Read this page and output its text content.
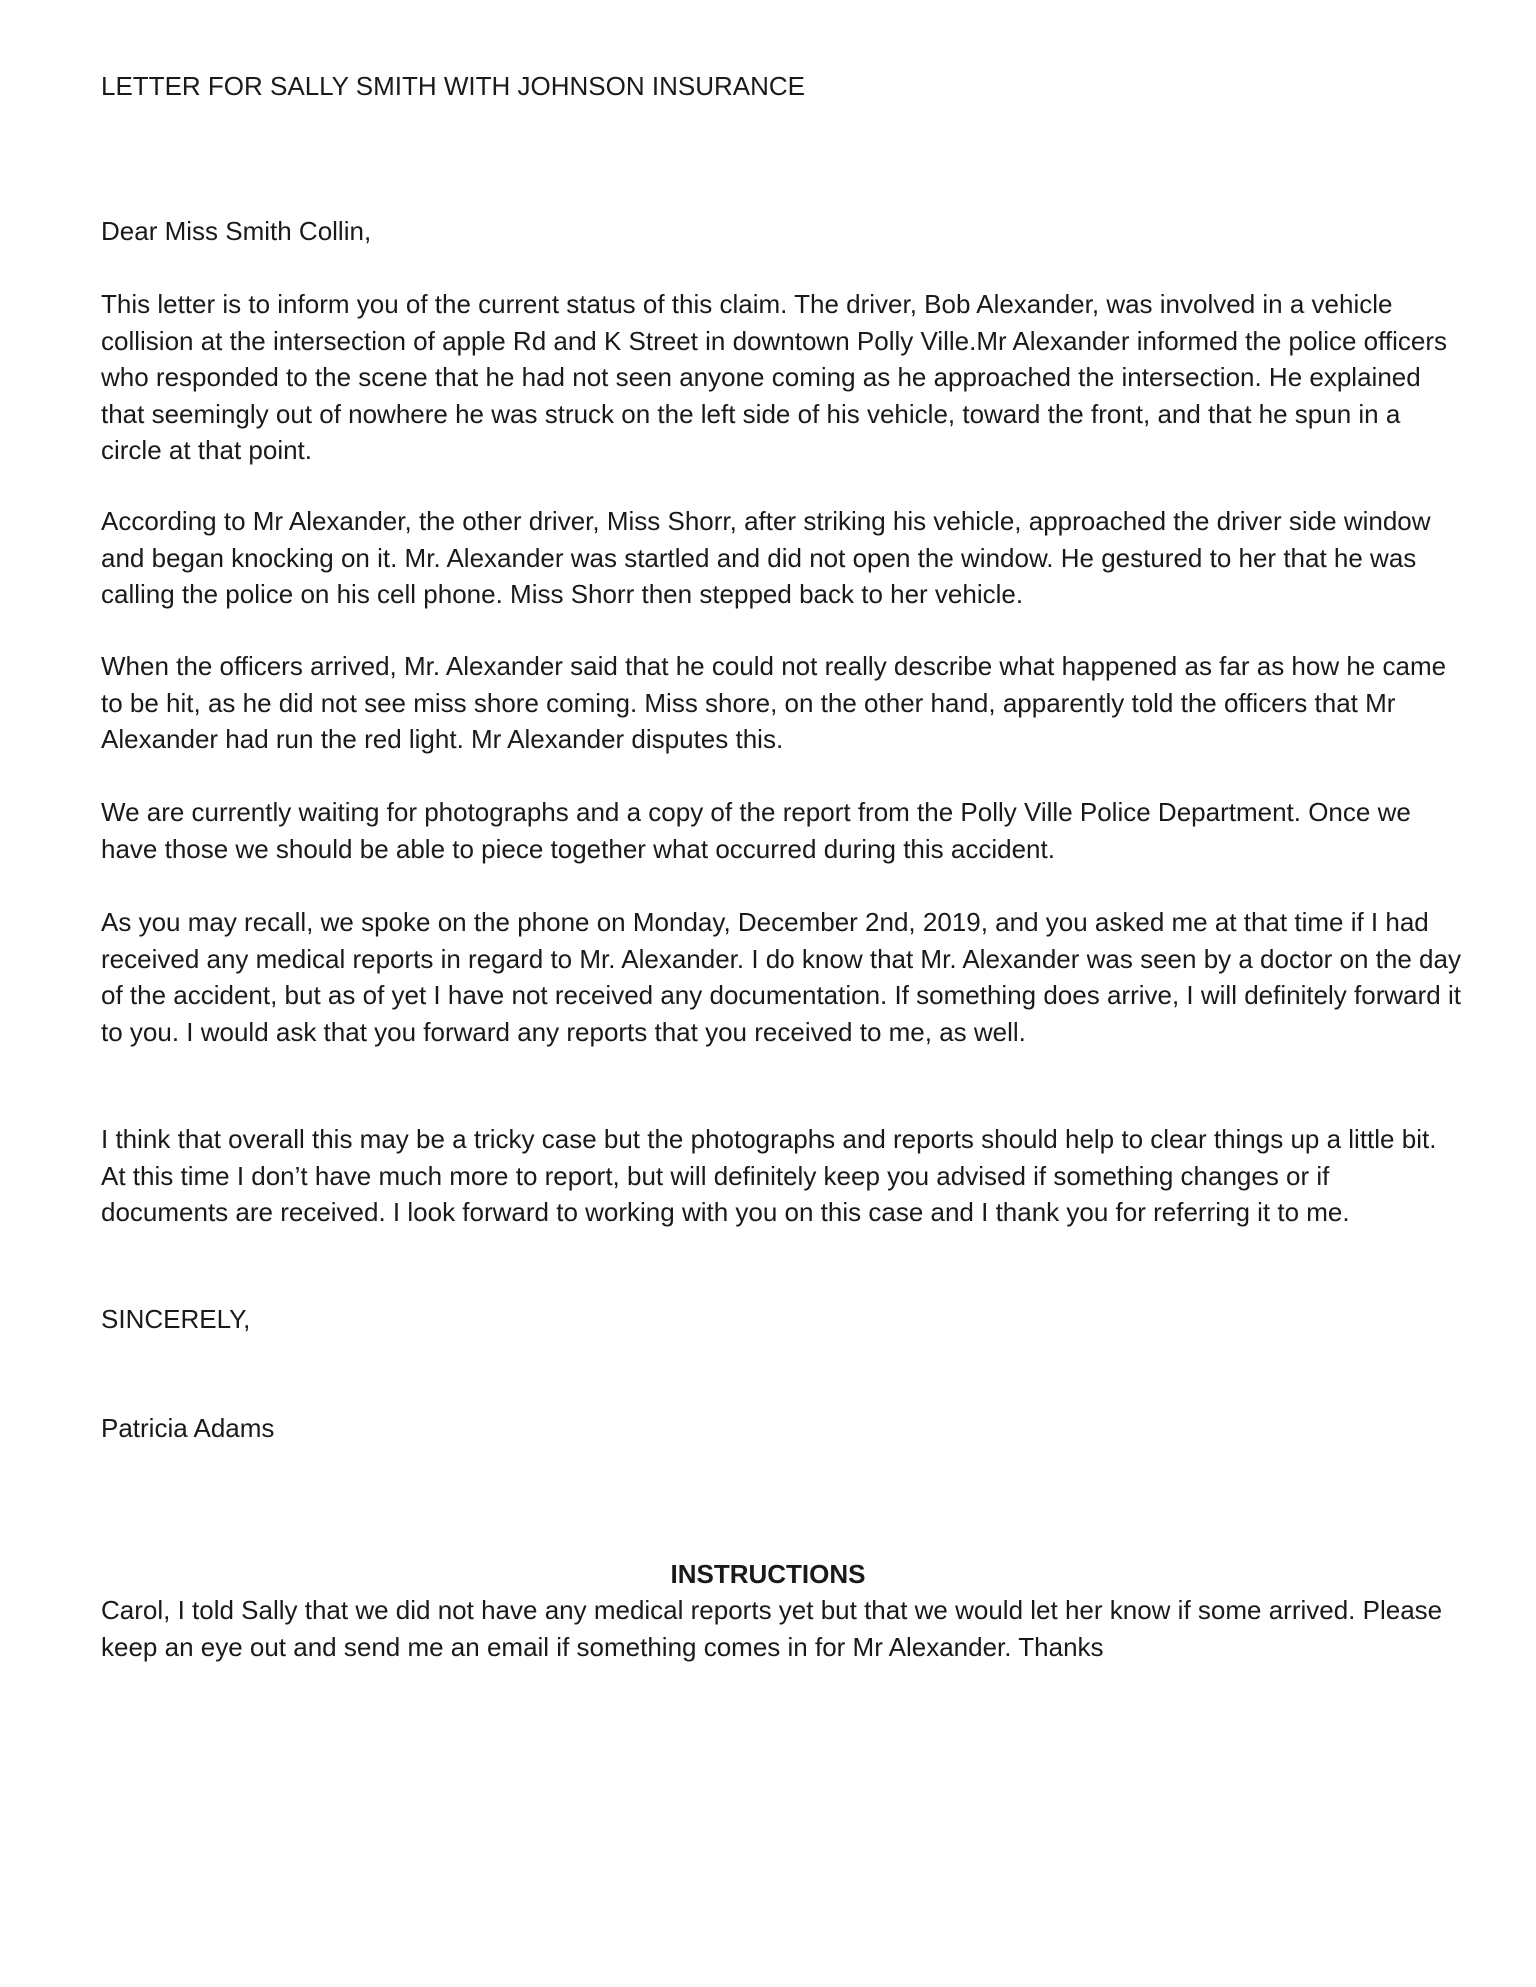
LETTER FOR SALLY SMITH WITH JOHNSON INSURANCE

Dear Miss Smith Collin,

This letter is to inform you of the current status of this claim. The driver, Bob Alexander, was involved in a vehicle collision at the intersection of apple Rd and K Street in downtown Polly Ville.Mr Alexander informed the police officers who responded to the scene that he had not seen anyone coming as he approached the intersection. He explained that seemingly out of nowhere he was struck on the left side of his vehicle, toward the front, and that he spun in a circle at that point.

According to Mr Alexander, the other driver, Miss Shorr, after striking his vehicle, approached the driver side window and began knocking on it. Mr. Alexander was startled and did not open the window. He gestured to her that he was calling the police on his cell phone. Miss Shorr then stepped back to her vehicle.

When the officers arrived, Mr. Alexander said that he could not really describe what happened as far as how he came to be hit, as he did not see miss shore coming. Miss shore, on the other hand, apparently told the officers that Mr Alexander had run the red light. Mr Alexander disputes this.

We are currently waiting for photographs and a copy of the report from the Polly Ville Police Department. Once we have those we should be able to piece together what occurred during this accident.

As you may recall, we spoke on the phone on Monday, December 2nd, 2019, and you asked me at that time if I had received any medical reports in regard to Mr. Alexander. I do know that Mr. Alexander was seen by a doctor on the day of the accident, but as of yet I have not received any documentation. If something does arrive, I will definitely forward it to you. I would ask that you forward any reports that you received to me, as well.

I think that overall this may be a tricky case but the photographs and reports should help to clear things up a little bit. At this time I don’t have much more to report, but will definitely keep you advised if something changes or if documents are received. I look forward to working with you on this case and I thank you for referring it to me.

SINCERELY,

Patricia Adams

INSTRUCTIONS

Carol, I told Sally that we did not have any medical reports yet but that we would let her know if some arrived. Please keep an eye out and send me an email if something comes in for Mr Alexander. Thanks
